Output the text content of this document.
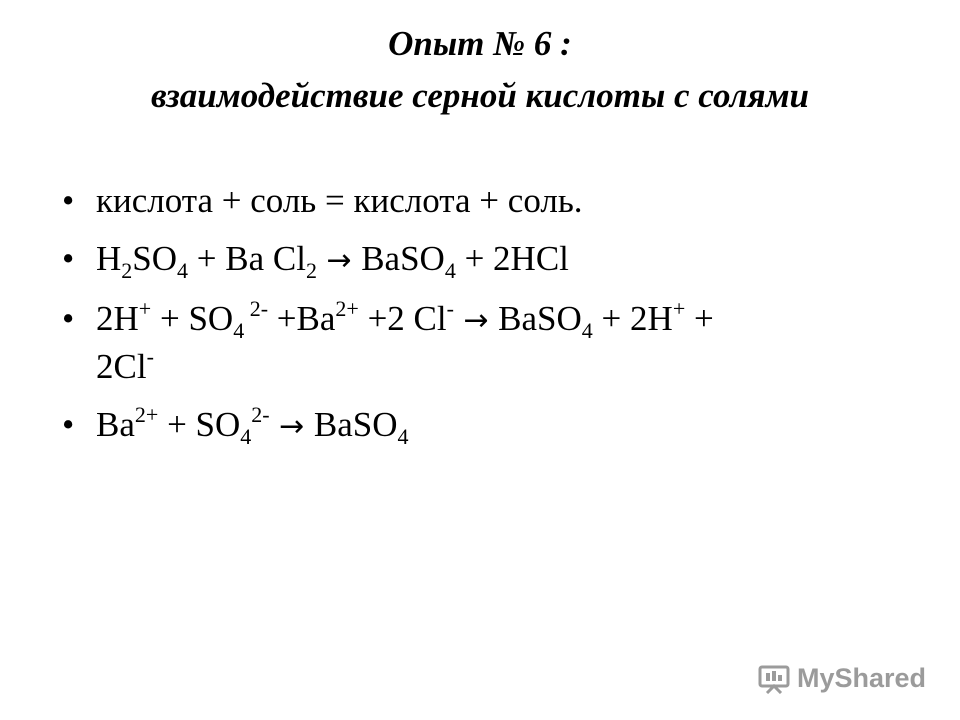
Опыт № 6 :
взаимодействие серной кислоты с солями
• кислота + соль = кислота + соль.
• $H_2SO_4 + Ba$ $Cl_2$ → BaSO$_4$ + 2HCl
• $2H^+ + SO_4$ $^{2-} +Ba^{2+} +2$ Cl- → BaSO$_4$ + 2H+ +
2Cl-
• $Ba^{2+} + SO_4^{2-}$ → BaSO$_4$
MyShared
